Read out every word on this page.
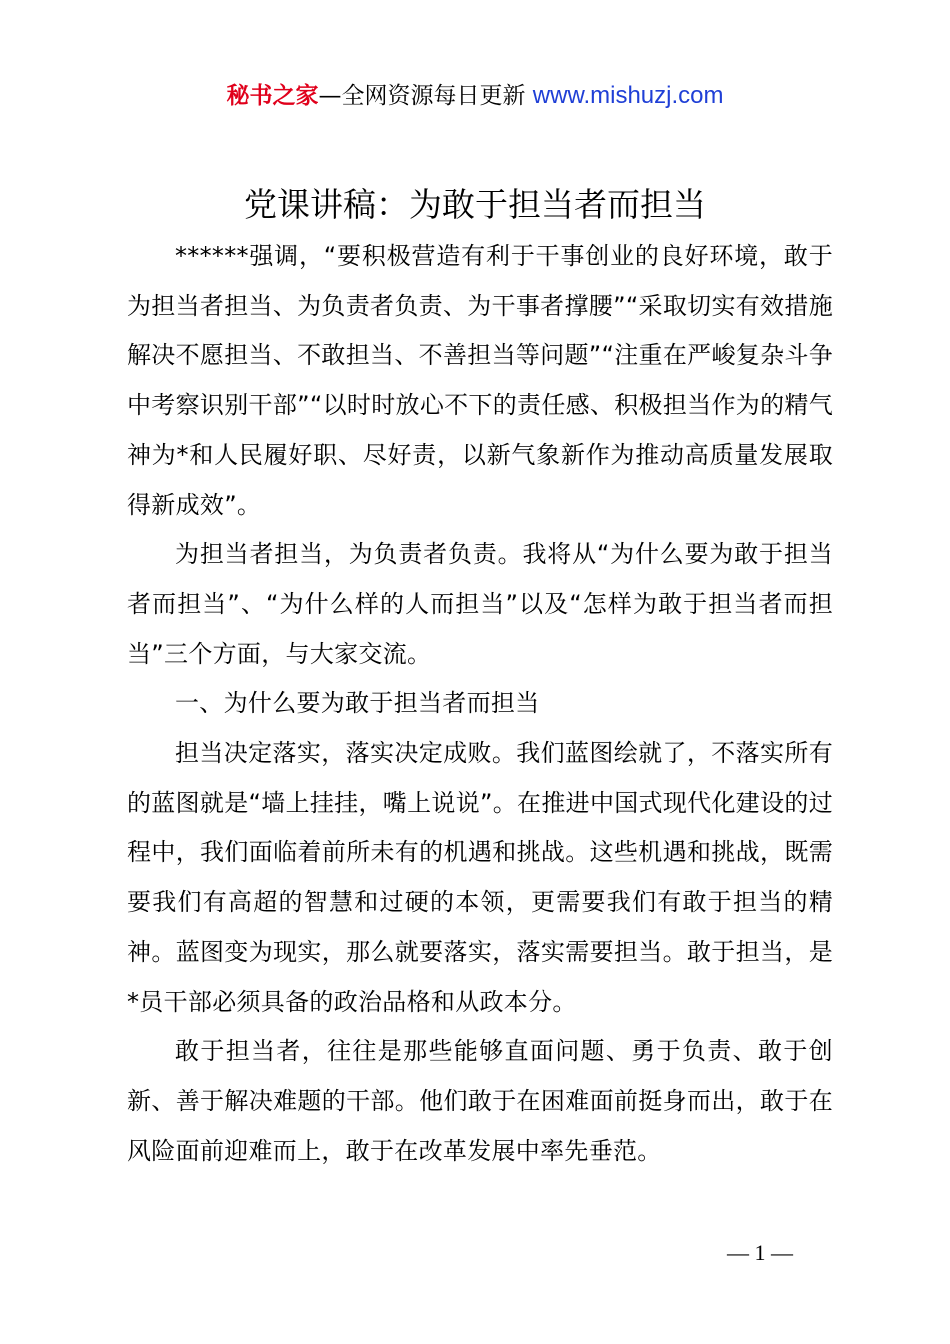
秘书之家—全网资源每日更新 www.mishuzj.com
党课讲稿：为敢于担当者而担当

******强调，“要积极营造有利于干事创业的良好环境，敢于为担当者担当、为负责者负责、为干事者撑腰”“采取切实有效措施解决不愿担当、不敢担当、不善担当等问题”“注重在严峻复杂斗争中考察识别干部”“以时时放心不下的责任感、积极担当作为的精气神为*和人民履好职、尽好责，以新气象新作为推动高质量发展取得新成效”。

为担当者担当，为负责者负责。我将从“为什么要为敢于担当者而担当”、“为什么样的人而担当”以及“怎样为敢于担当者而担当”三个方面，与大家交流。

一、为什么要为敢于担当者而担当

担当决定落实，落实决定成败。我们蓝图绘就了，不落实所有的蓝图就是“墙上挂挂，嘴上说说”。在推进中国式现代化建设的过程中，我们面临着前所未有的机遇和挑战。这些机遇和挑战，既需要我们有高超的智慧和过硬的本领，更需要我们有敢于担当的精神。蓝图变为现实，那么就要落实，落实需要担当。敢于担当，是*员干部必须具备的政治品格和从政本分。

敢于担当者，往往是那些能够直面问题、勇于负责、敢于创新、善于解决难题的干部。他们敢于在困难面前挺身而出，敢于在风险面前迎难而上，敢于在改革发展中率先垂范。

— 1 —
